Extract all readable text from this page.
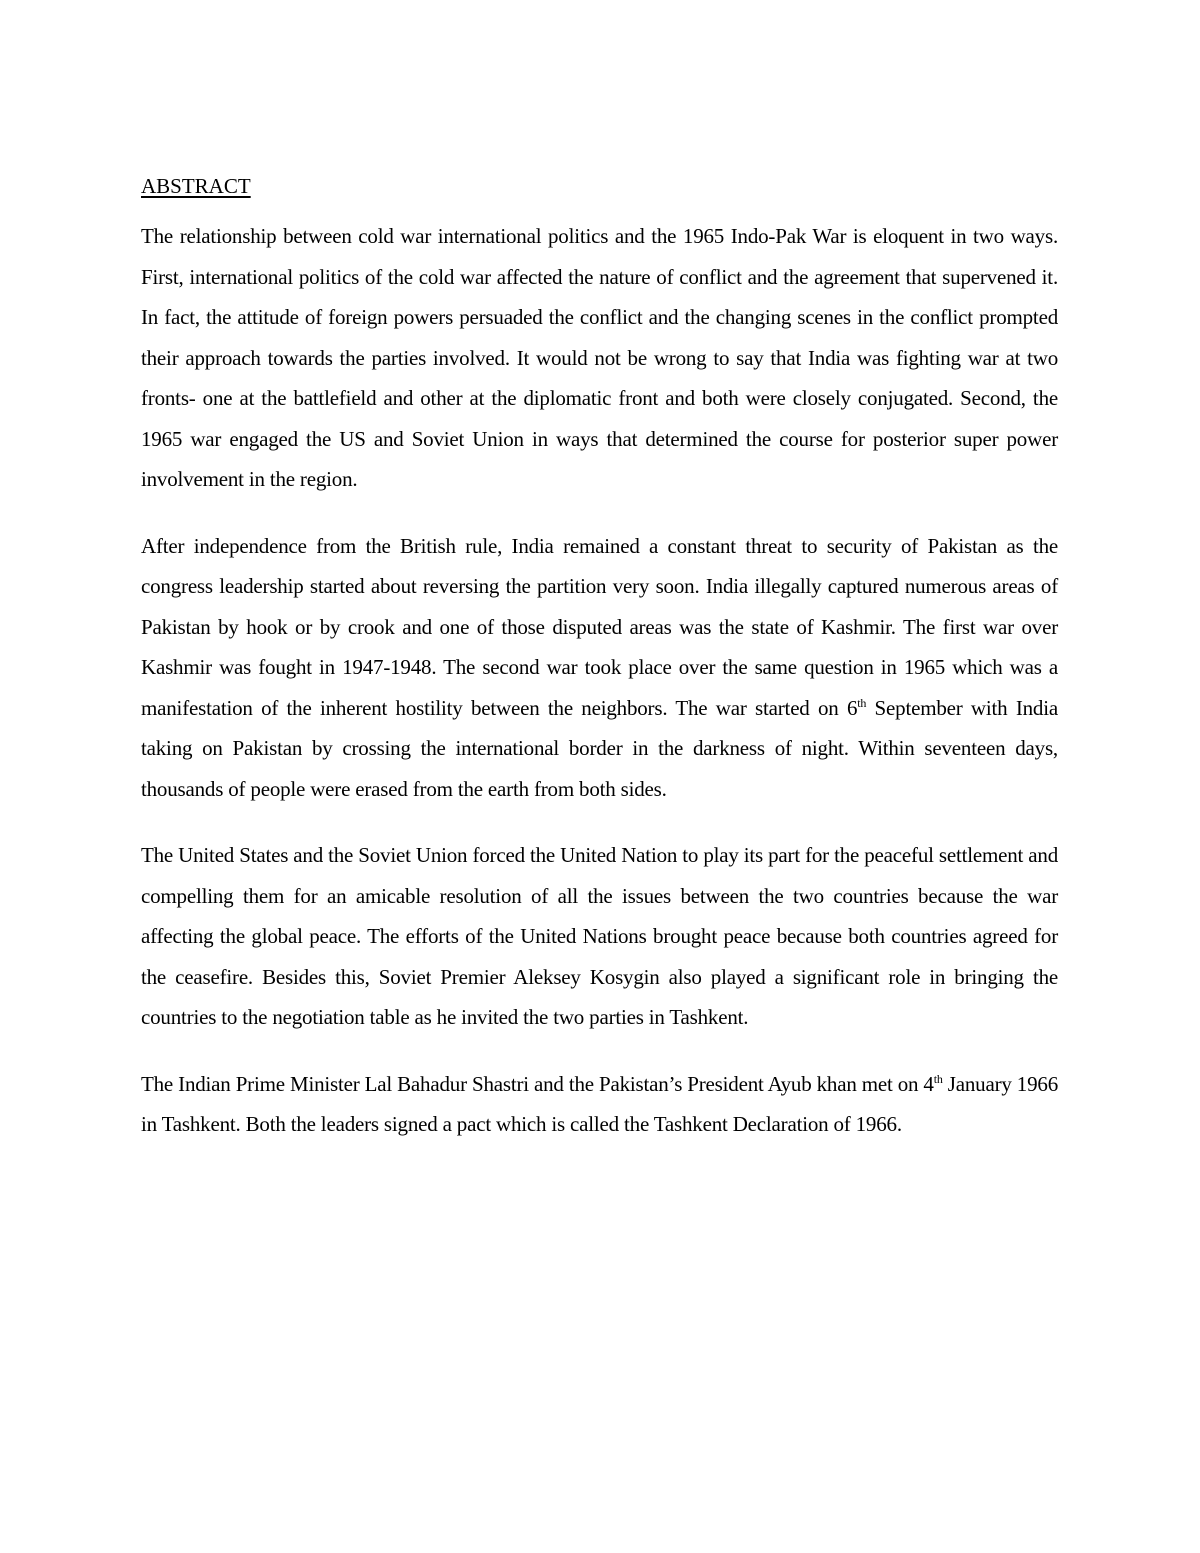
ABSTRACT

The relationship between cold war international politics and the 1965 Indo-Pak War is eloquent in two ways. First, international politics of the cold war affected the nature of conflict and the agreement that supervened it. In fact, the attitude of foreign powers persuaded the conflict and the changing scenes in the conflict prompted their approach towards the parties involved. It would not be wrong to say that India was fighting war at two fronts- one at the battlefield and other at the diplomatic front and both were closely conjugated. Second, the 1965 war engaged the US and Soviet Union in ways that determined the course for posterior super power involvement in the region.

After independence from the British rule, India remained a constant threat to security of Pakistan as the congress leadership started about reversing the partition very soon. India illegally captured numerous areas of Pakistan by hook or by crook and one of those disputed areas was the state of Kashmir. The first war over Kashmir was fought in 1947-1948. The second war took place over the same question in 1965 which was a manifestation of the inherent hostility between the neighbors. The war started on 6th September with India taking on Pakistan by crossing the international border in the darkness of night. Within seventeen days, thousands of people were erased from the earth from both sides.

The United States and the Soviet Union forced the United Nation to play its part for the peaceful settlement and compelling them for an amicable resolution of all the issues between the two countries because the war affecting the global peace. The efforts of the United Nations brought peace because both countries agreed for the ceasefire. Besides this, Soviet Premier Aleksey Kosygin also played a significant role in bringing the countries to the negotiation table as he invited the two parties in Tashkent.

The Indian Prime Minister Lal Bahadur Shastri and the Pakistan’s President Ayub khan met on 4th January 1966 in Tashkent. Both the leaders signed a pact which is called the Tashkent Declaration of 1966.
